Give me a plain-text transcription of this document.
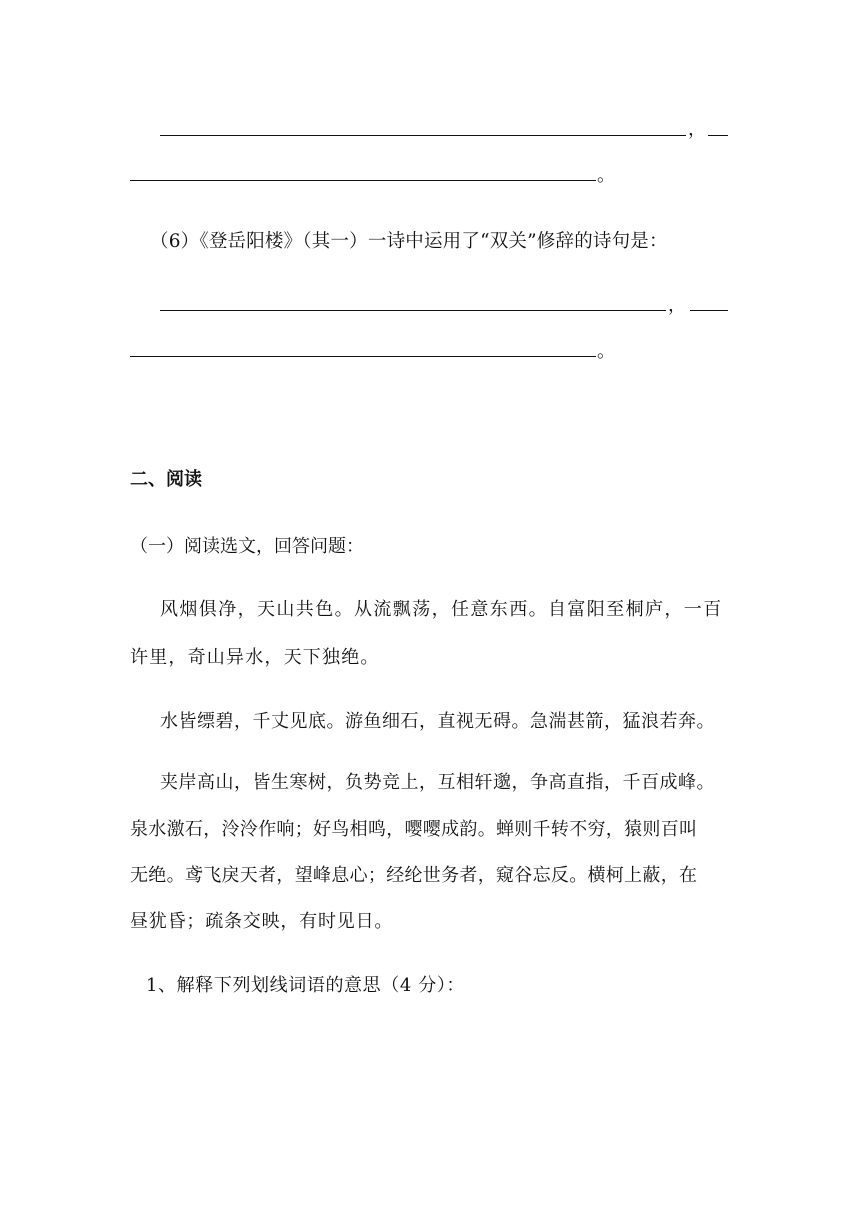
，
。
（6）《登岳阳楼》（其一）一诗中运用了“双关”修辞的诗句是：
，
。
二、阅读
（一）阅读选文，回答问题：
风烟俱净，天山共色。从流飘荡，任意东西。自富阳至桐庐，一百
许里，奇山异水，天下独绝。
水皆缥碧，千丈见底。游鱼细石，直视无碍。急湍甚箭，猛浪若奔。
夹岸高山，皆生寒树，负势竞上，互相轩邈，争高直指，千百成峰。
泉水激石，泠泠作响；好鸟相鸣，嘤嘤成韵。蝉则千转不穷，猿则百叫
无绝。鸢飞戾天者，望峰息心；经纶世务者，窥谷忘反。横柯上蔽，在
昼犹昏；疏条交映，有时见日。
1、解释下列划线词语的意思（4 分）：
